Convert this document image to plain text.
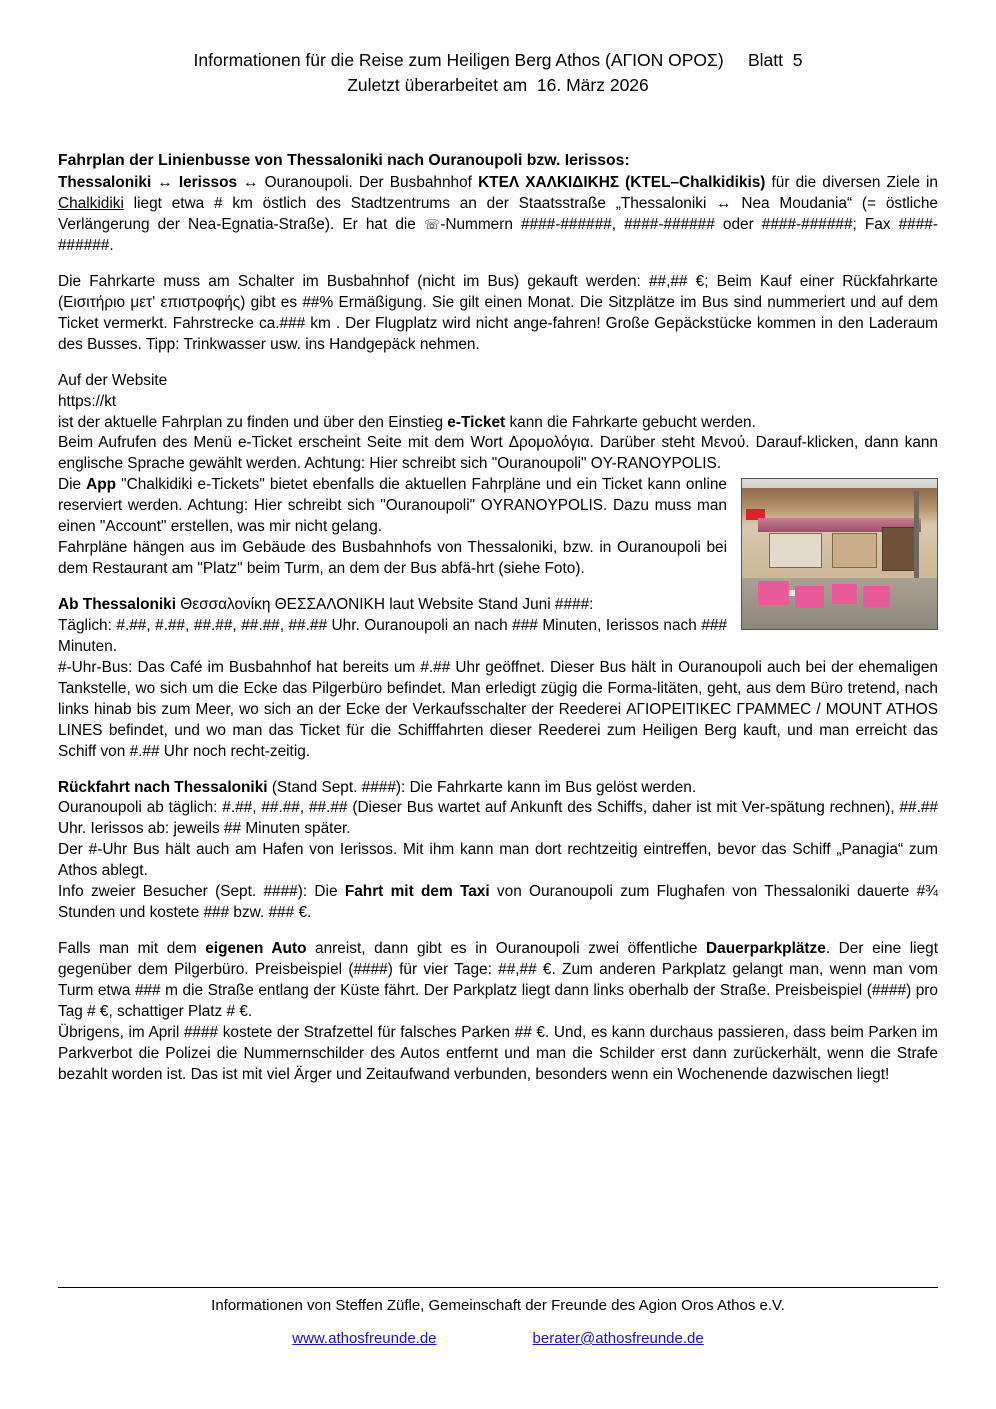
Informationen für die Reise zum Heiligen Berg Athos (ΑΓΙΟΝ ΟΡΟΣ)     Blatt  5
Zuletzt überarbeitet am  16. März 2026
Fahrplan der Linienbusse von Thessaloniki nach Ouranoupoli bzw. Ierissos:

Thessaloniki ↔ Ierissos ↔ Ouranoupoli. Der Busbahnhof ΚΤΕΛ ΧΑΛΚΙΔΙΚΗΣ (KTEL–Chalkidikis) für die diversen Ziele in Chalkidiki liegt etwa # km östlich des Stadtzentrums an der Staatsstraße „Thessaloniki ↔ Nea Moudania“ (= östliche Verlängerung der Nea-Egnatia-Straße). Er hat die ☏-Nummern ####-######, ####-###### oder ####-######; Fax ####-######.

Die Fahrkarte muss am Schalter im Busbahnhof (nicht im Bus) gekauft werden: ##,## €; Beim Kauf einer Rückfahrkarte (Εισιτήριο μετ' επιστροφής) gibt es ##% Ermäßigung. Sie gilt einen Monat. Die Sitzplätze im Bus sind nummeriert und auf dem Ticket vermerkt. Fahrstrecke ca.### km . Der Flugplatz wird nicht ange-fahren! Große Gepäckstücke kommen in den Laderaum des Busses. Tipp: Trinkwasser usw. ins Handgepäck nehmen.

Auf der Website

https://kt

ist der aktuelle Fahrplan zu finden und über den Einstieg e-Ticket kann die Fahrkarte gebucht werden.

Beim Aufrufen des Menü e-Ticket erscheint Seite mit dem Wort Δρομολόγια. Darüber steht Μενού. Darauf-klicken, dann kann englische Sprache gewählt werden. Achtung: Hier schreibt sich "Ouranoupoli" OY-RANOYPOLIS.

Die App "Chalkidiki e-Tickets" bietet ebenfalls die aktuellen Fahrpläne und ein Ticket kann online reserviert werden. Achtung: Hier schreibt sich "Ouranoupoli" OYRANOYPOLIS. Dazu muss man einen "Account" erstellen, was mir nicht gelang.

Fahrpläne hängen aus im Gebäude des Busbahnhofs von Thessaloniki, bzw. in Ouranoupoli bei dem Restaurant am "Platz" beim Turm, an dem der Bus abfä-hrt (siehe Foto).

Ab Thessaloniki Θεσσαλονίκη ΘΕΣΣΑΛΟΝΙΚΗ laut Website Stand Juni ####:

Täglich: #.##, #.##, ##.##, ##.##, ##.## Uhr. Ouranoupoli an nach ### Minuten, Ierissos nach ### Minuten.

#-Uhr-Bus: Das Café im Busbahnhof hat bereits um #.## Uhr geöffnet. Dieser Bus hält in Ouranoupoli auch bei der ehemaligen Tankstelle, wo sich um die Ecke das Pilgerbüro befindet. Man erledigt zügig die Forma-litäten, geht, aus dem Büro tretend, nach links hinab bis zum Meer, wo sich an der Ecke der Verkaufsschalter der Reederei ΑΓΙΟΡΕΙΤΙΚΕC ΓΡΑΜΜΕC / MOUNT ATHOS LINES befindet, und wo man das Ticket für die Schifffahrten dieser Reederei zum Heiligen Berg kauft, und man erreicht das Schiff von #.## Uhr noch recht-zeitig.

Rückfahrt nach Thessaloniki (Stand Sept. ####): Die Fahrkarte kann im Bus gelöst werden.

Ouranoupoli ab täglich: #.##, ##.##, ##.## (Dieser Bus wartet auf Ankunft des Schiffs, daher ist mit Ver-spätung rechnen), ##.## Uhr. Ierissos ab: jeweils ## Minuten später.

Der #-Uhr Bus hält auch am Hafen von Ierissos. Mit ihm kann man dort rechtzeitig eintreffen, bevor das Schiff „Panagia“ zum Athos ablegt.

Info zweier Besucher (Sept. ####): Die Fahrt mit dem Taxi von Ouranoupoli zum Flughafen von Thessaloniki dauerte #¾ Stunden und kostete ### bzw. ### €.

Falls man mit dem eigenen Auto anreist, dann gibt es in Ouranoupoli zwei öffentliche Dauerparkplätze. Der eine liegt gegenüber dem Pilgerbüro. Preisbeispiel (####) für vier Tage: ##,## €. Zum anderen Parkplatz gelangt man, wenn man vom Turm etwa ### m die Straße entlang der Küste fährt. Der Parkplatz liegt dann links oberhalb der Straße. Preisbeispiel (####) pro Tag # €, schattiger Platz # €.

Übrigens, im April #### kostete der Strafzettel für falsches Parken ## €. Und, es kann durchaus passieren, dass beim Parken im Parkverbot die Polizei die Nummernschilder des Autos entfernt und man die Schilder erst dann zurückerhält, wenn die Strafe bezahlt worden ist. Das ist mit viel Ärger und Zeitaufwand verbunden, besonders wenn ein Wochenende dazwischen liegt!

Informationen von Steffen Züfle, Gemeinschaft der Freunde des Agion Oros Athos e.V.
www.athosfreunde.de	berater@athosfreunde.de
